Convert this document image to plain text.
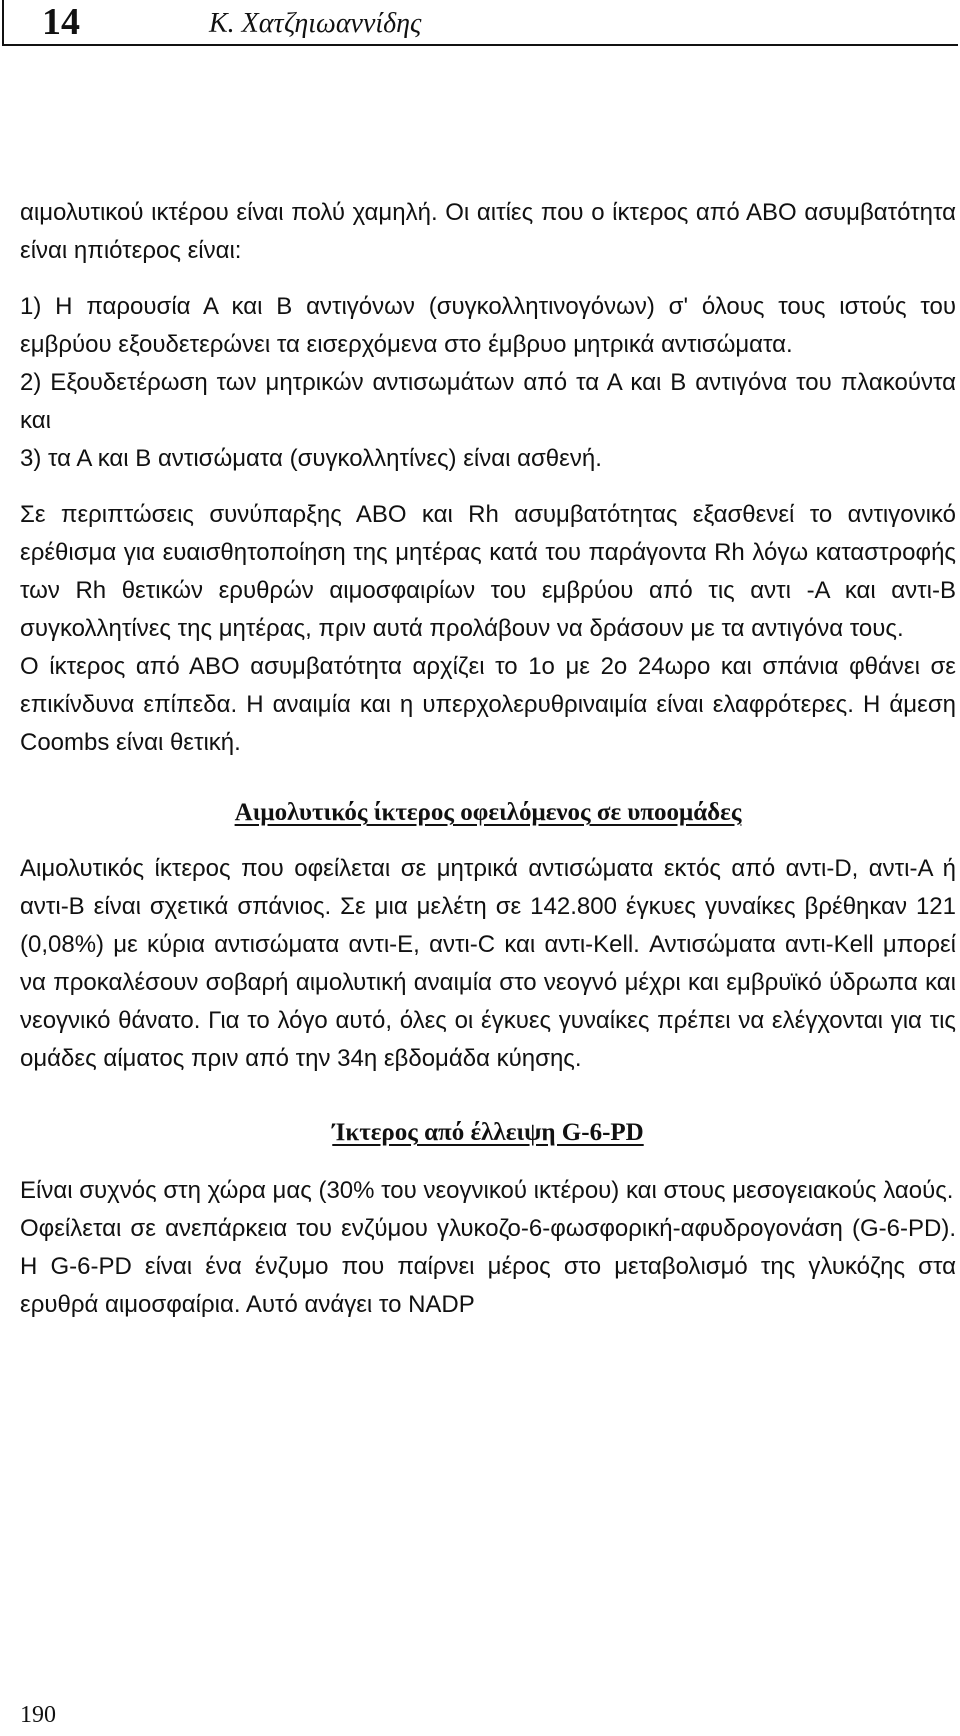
14	Κ. Χατζηιωαννίδης

αιμολυτικού ικτέρου είναι πολύ χαμηλή. Οι αιτίες που ο ίκτερος από ΑΒΟ ασυμβατότητα είναι ηπιότερος είναι:

1) Η παρουσία Α και Β αντιγόνων (συγκολλητινογόνων) σ' όλους τους ιστούς του εμβρύου εξουδετερώνει τα εισερχόμενα στο έμβρυο μητρικά αντισώματα.

2) Εξουδετέρωση των μητρικών αντισωμάτων από τα Α και Β αντιγόνα του πλακούντα και

3) τα Α και Β αντισώματα (συγκολλητίνες) είναι ασθενή.

Σε περιπτώσεις συνύπαρξης ΑΒΟ και Rh ασυμβατότητας εξασθενεί το αντιγονικό ερέθισμα για ευαισθητοποίηση της μητέρας κατά του παράγοντα Rh λόγω καταστροφής των Rh θετικών ερυθρών αιμοσφαιρίων του εμβρύου από τις αντι -Α και αντι-Β συγκολλητίνες της μητέρας, πριν αυτά προλάβουν να δράσουν με τα αντιγόνα τους.

Ο ίκτερος από ΑΒΟ ασυμβατότητα αρχίζει το 1ο με 2ο 24ωρο και σπάνια φθάνει σε επικίνδυνα επίπεδα. Η αναιμία και η υπερχολερυθριναιμία είναι ελαφρότερες. Η άμεση Coombs είναι θετική.

Αιμολυτικός ίκτερος οφειλόμενος σε υποομάδες

Αιμολυτικός ίκτερος που οφείλεται σε μητρικά αντισώματα εκτός από αντι-D, αντι-Α ή αντι-Β είναι σχετικά σπάνιος. Σε μια μελέτη σε 142.800 έγκυες γυναίκες βρέθηκαν 121 (0,08%) με κύρια αντισώματα αντι-Ε, αντι-C και αντι-Kell. Αντισώματα αντι-Kell μπορεί να προκαλέσουν σοβαρή αιμολυτική αναιμία στο νεογνό μέχρι και εμβρυϊκό ύδρωπα και νεογνικό θάνατο. Για το λόγο αυτό, όλες οι έγκυες γυναίκες πρέπει να ελέγχονται για τις ομάδες αίματος πριν από την 34η εβδομάδα κύησης.

Ίκτερος από έλλειψη G-6-PD

Είναι συχνός στη χώρα μας (30% του νεογνικού ικτέρου) και στους μεσογειακούς λαούς.

Οφείλεται σε ανεπάρκεια του ενζύμου γλυκοζο-6-φωσφορική-αφυδρογονάση (G-6-PD). Η G-6-PD είναι ένα ένζυμο που παίρνει μέρος στο μεταβολισμό της γλυκόζης στα ερυθρά αιμοσφαίρια. Αυτό ανάγει το NADP

190
